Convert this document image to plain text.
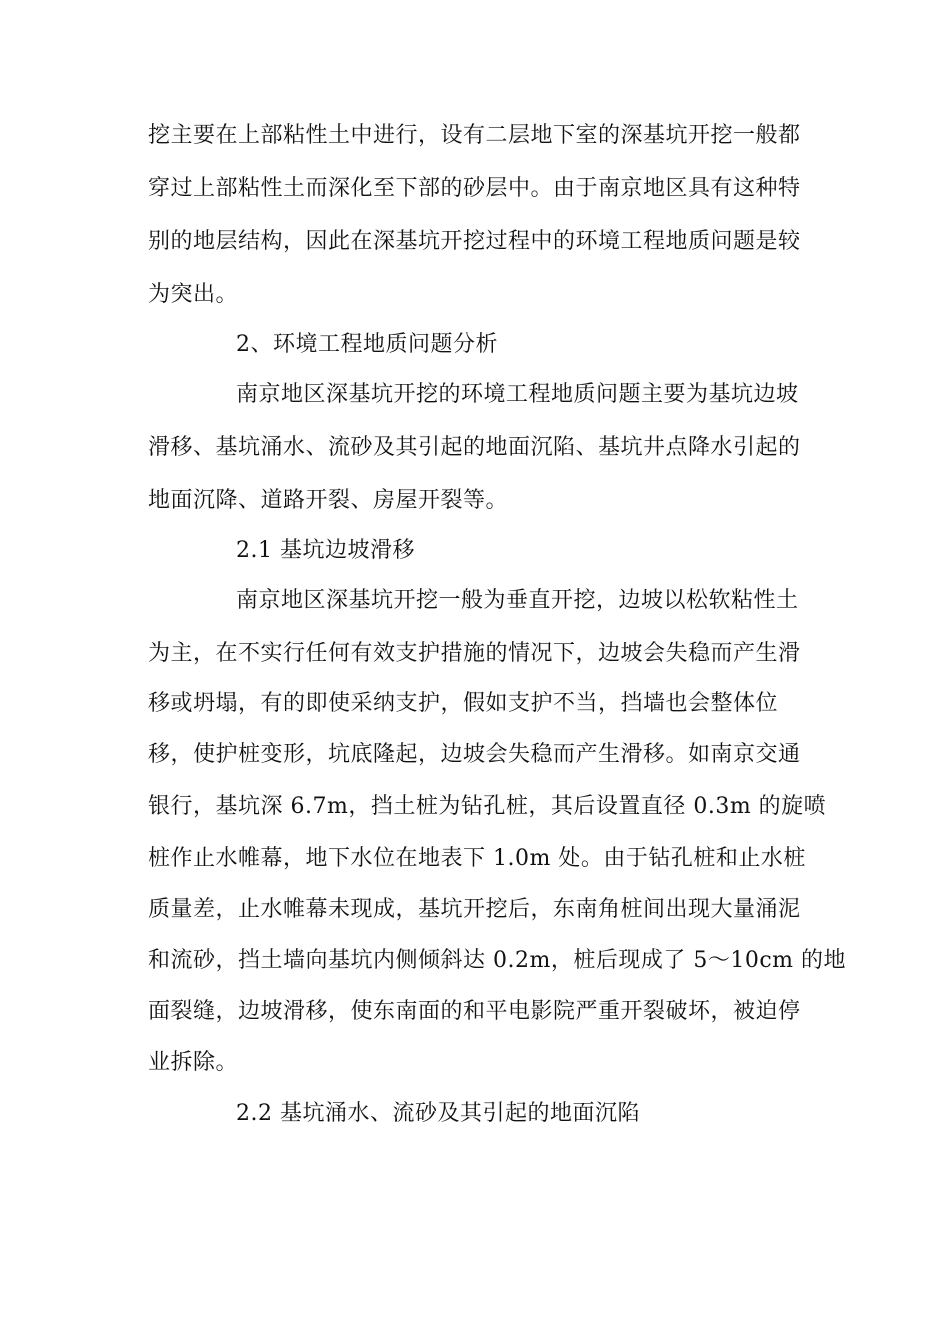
挖主要在上部粘性土中进行，设有二层地下室的深基坑开挖一般都
穿过上部粘性土而深化至下部的砂层中。由于南京地区具有这种特
别的地层结构，因此在深基坑开挖过程中的环境工程地质问题是较
为突出。
2、环境工程地质问题分析
南京地区深基坑开挖的环境工程地质问题主要为基坑边坡
滑移、基坑涌水、流砂及其引起的地面沉陷、基坑井点降水引起的
地面沉降、道路开裂、房屋开裂等。
2.1 基坑边坡滑移
南京地区深基坑开挖一般为垂直开挖，边坡以松软粘性土
为主，在不实行任何有效支护措施的情况下，边坡会失稳而产生滑
移或坍塌，有的即使采纳支护，假如支护不当，挡墙也会整体位
移，使护桩变形，坑底隆起，边坡会失稳而产生滑移。如南京交通
银行，基坑深 6.7m，挡土桩为钻孔桩，其后设置直径 0.3m 的旋喷
桩作止水帷幕，地下水位在地表下 1.0m 处。由于钻孔桩和止水桩
质量差，止水帷幕未现成，基坑开挖后，东南角桩间出现大量涌泥
和流砂，挡土墙向基坑内侧倾斜达 0.2m，桩后现成了 5～10cm 的地
面裂缝，边坡滑移，使东南面的和平电影院严重开裂破坏，被迫停
业拆除。
2.2 基坑涌水、流砂及其引起的地面沉陷
